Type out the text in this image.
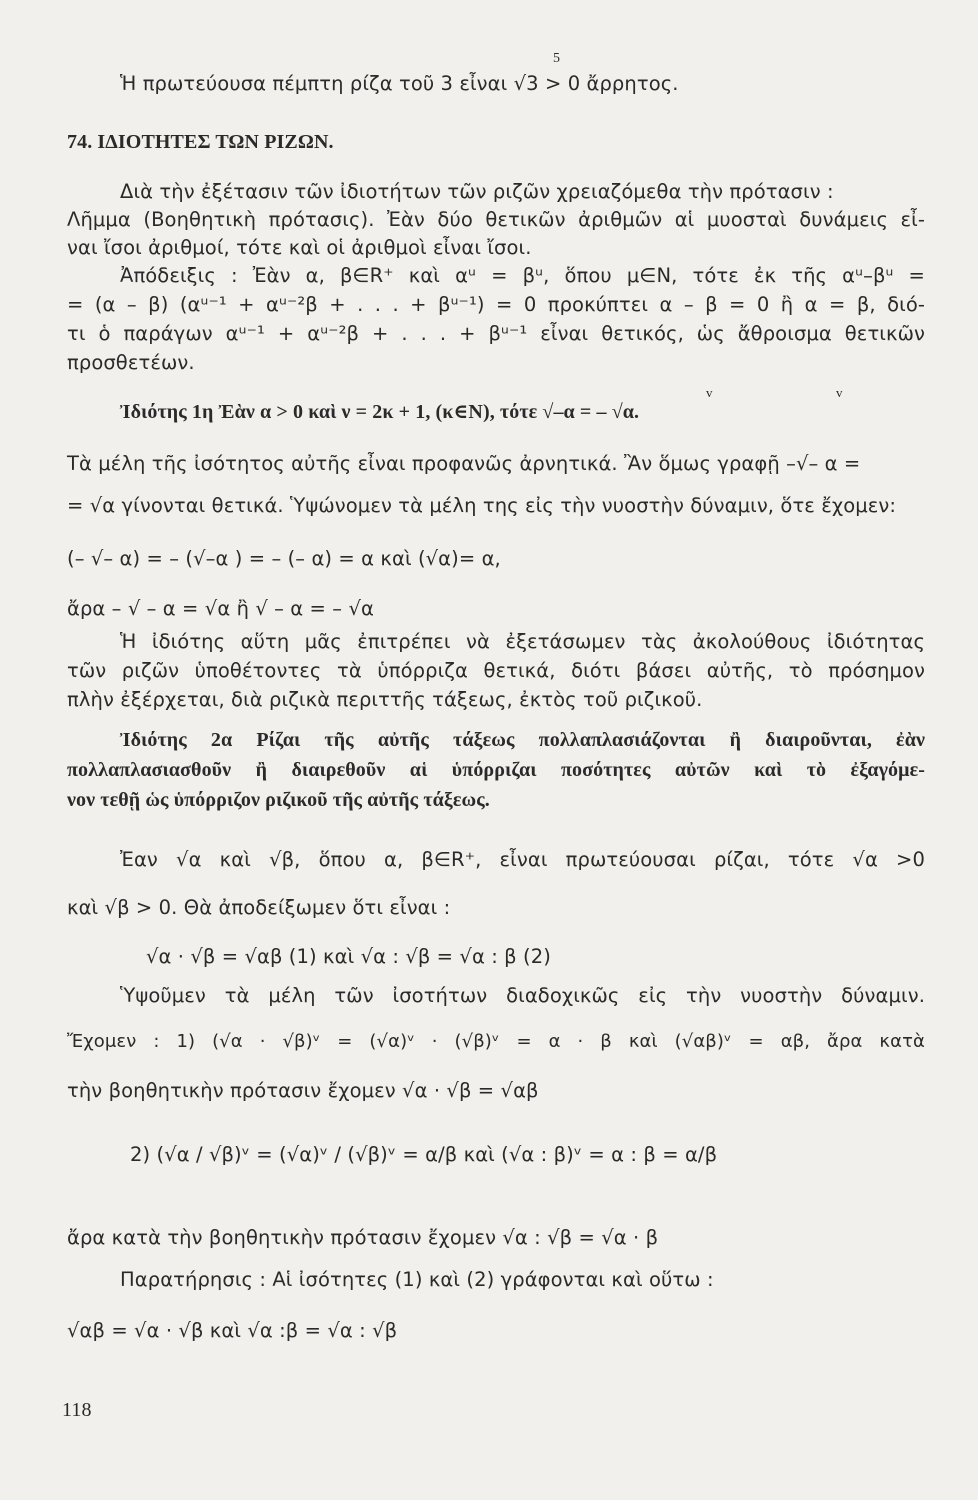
5
Ἡ πρωτεύουσα πέμπτη ρίζα τοῦ 3 εἶναι √3 > 0 ἄρρητος.
74. ΙΔΙΟΤΗΤΕΣ ΤΩΝ ΡΙΖΩΝ.
Διὰ τὴν ἐξέτασιν τῶν ἰδιοτήτων τῶν ριζῶν χρειαζόμεθα τὴν πρότασιν :
Λῆμμα (Βοηθητικὴ πρότασις). Ἐὰν δύο θετικῶν ἀριθμῶν αἱ μυοσταὶ δυνάμεις εἶ-
ναι ἴσοι ἀριθμοί, τότε καὶ οἱ ἀριθμοὶ εἶναι ἴσοι.
Ἀπόδειξις : Ἐὰν α, β∈R⁺ καὶ αᵘ = βᵘ, ὅπου μ∈N, τότε ἐκ τῆς αᵘ–βᵘ =
= (α – β) (αᵘ⁻¹ + αᵘ⁻²β + . . . + βᵘ⁻¹) = 0 προκύπτει α – β = 0 ἢ α = β, διό-
τι ὁ παράγων αᵘ⁻¹ + αᵘ⁻²β + . . . + βᵘ⁻¹ εἶναι θετικός, ὡς ἄθροισμα θετικῶν
προσθετέων.
v	v
Ἰδιότης 1η Ἐὰν α > 0 καὶ ν = 2κ + 1, (κ∈N), τότε √–α = – √α.
Τὰ μέλη τῆς ἰσότητος αὐτῆς εἶναι προφανῶς ἀρνητικά. Ἂν ὅμως γραφῇ –√– α =
= √α γίνονται θετικά. Ὑψώνομεν τὰ μέλη της εἰς τὴν νυοστὴν δύναμιν, ὅτε ἔχομεν:
(– √– α) = – (√–α ) = – (– α) = α καὶ (√α)= α,
ἄρα – √ – α = √α ἢ √ – α = – √α
Ἡ ἰδιότης αὕτη μᾶς ἐπιτρέπει νὰ ἐξετάσωμεν τὰς ἀκολούθους ἰδιότητας
τῶν ριζῶν ὑποθέτοντες τὰ ὑπόρριζα θετικά, διότι βάσει αὐτῆς, τὸ πρόσημον
πλὴν ἐξέρχεται, διὰ ριζικὰ περιττῆς τάξεως, ἐκτὸς τοῦ ριζικοῦ.
Ἰδιότης 2α Ρίζαι τῆς αὐτῆς τάξεως πολλαπλασιάζονται ἢ διαιροῦνται, ἐὰν
πολλαπλασιασθοῦν ἢ διαιρεθοῦν αἱ ὑπόρριζαι ποσότητες αὐτῶν καὶ τὸ ἐξαγόμε-
νον τεθῇ ὡς ὑπόρριζον ριζικοῦ τῆς αὐτῆς τάξεως.
Ἐαν √α καὶ √β, ὅπου α, β∈R⁺, εἶναι πρωτεύουσαι ρίζαι, τότε √α >0
καὶ √β > 0. Θὰ ἀποδείξωμεν ὅτι εἶναι :
√α · √β = √αβ (1) καὶ √α : √β = √α : β (2)
Ὑψοῦμεν τὰ μέλη τῶν ἰσοτήτων διαδοχικῶς εἰς τὴν νυοστὴν δύναμιν.
Ἔχομεν : 1) (√α · √β)ᵛ = (√α)ᵛ · (√β)ᵛ = α · β καὶ (√αβ)ᵛ = αβ, ἄρα κατὰ
τὴν βοηθητικὴν πρότασιν ἔχομεν √α · √β = √αβ
2) (√α / √β)ᵛ = (√α)ᵛ / (√β)ᵛ = α/β καὶ (√α : β)ᵛ = α : β = α/β
ἄρα κατὰ τὴν βοηθητικὴν πρότασιν ἔχομεν √α : √β = √α · β
Παρατήρησις : Αἱ ἰσότητες (1) καὶ (2) γράφονται καὶ οὕτω :
√αβ = √α · √β καὶ √α :β = √α : √β
118
